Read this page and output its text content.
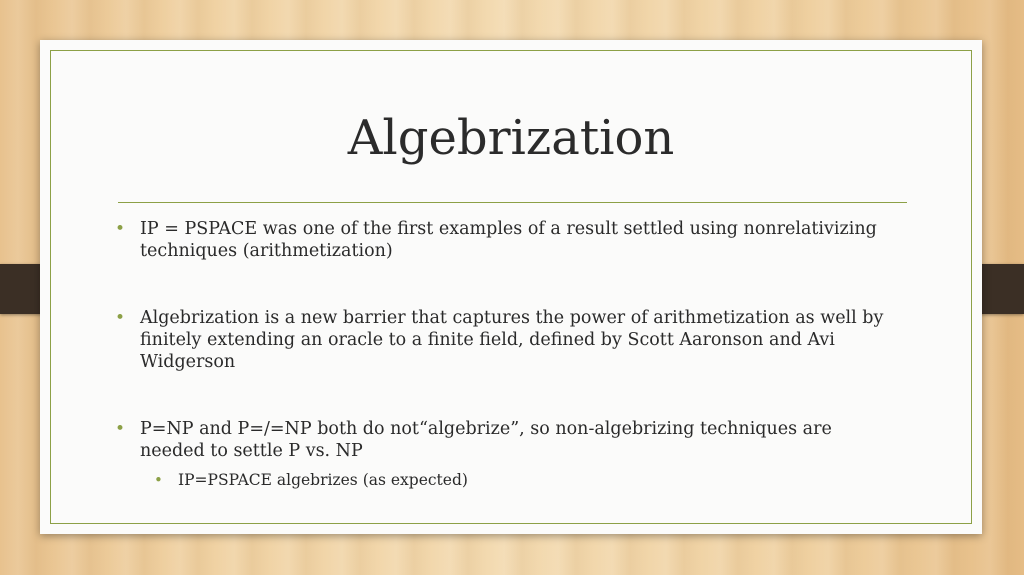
Algebrization
• IP = PSPACE was one of the first examples of a result settled using nonrelativizing techniques (arithmetization)
• Algebrization is a new barrier that captures the power of arithmetization as well by finitely extending an oracle to a finite field, defined by Scott Aaronson and Avi Widgerson
• P=NP and P=/=NP both do not“algebrize”, so non-algebrizing techniques are needed to settle P vs. NP
• IP=PSPACE algebrizes (as expected)
